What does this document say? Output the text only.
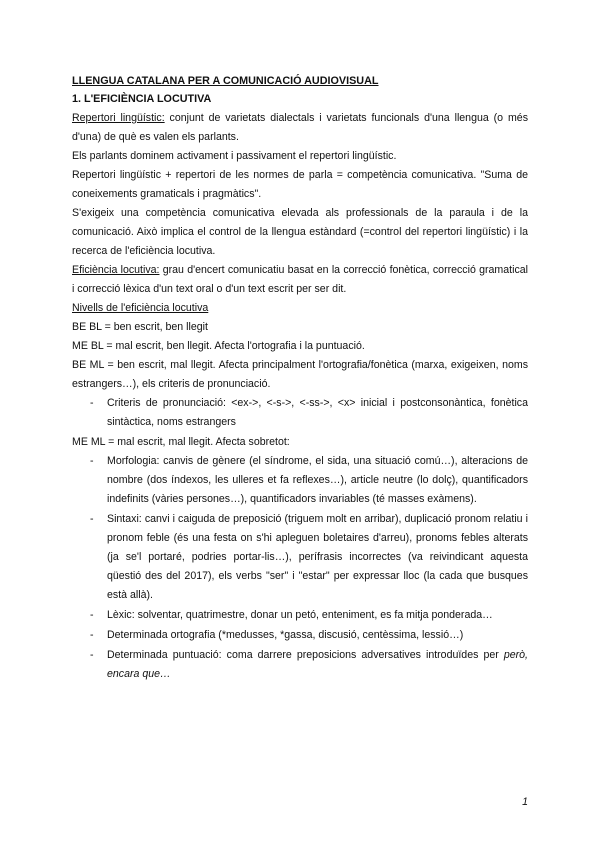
LLENGUA CATALANA PER A COMUNICACIÓ AUDIOVISUAL

1. L'EFICIÈNCIA LOCUTIVA

Repertori lingüístic: conjunt de varietats dialectals i varietats funcionals d'una llengua (o més d'una) de què es valen els parlants.

Els parlants dominem activament i passivament el repertori lingüístic.

Repertori lingüístic + repertori de les normes de parla = competència comunicativa. "Suma de coneixements gramaticals i pragmàtics".

S'exigeix una competència comunicativa elevada als professionals de la paraula i de la comunicació. Això implica el control de la llengua estàndard (=control del repertori lingüístic) i la recerca de l'eficiència locutiva.

Eficiència locutiva: grau d'encert comunicatiu basat en la correcció fonètica, correcció gramatical i correcció lèxica d'un text oral o d'un text escrit per ser dit.

Nivells de l'eficiència locutiva

BE BL = ben escrit, ben llegit

ME BL = mal escrit, ben llegit. Afecta l'ortografia i la puntuació.

BE ML = ben escrit, mal llegit. Afecta principalment l'ortografia/fonètica (marxa, exigeixen, noms estrangers…), els criteris de pronunciació.

- Criteris de pronunciació: <ex->, <-s->, <-ss->, <x> inicial i postconsonàntica, fonètica sintàctica, noms estrangers

ME ML = mal escrit, mal llegit. Afecta sobretot:

- Morfologia: canvis de gènere (el síndrome, el sida, una situació comú…), alteracions de nombre (dos índexos, les ulleres et fa reflexes…), article neutre (lo dolç), quantificadors indefinits (vàries persones…), quantificadors invariables (té masses exàmens).
- Sintaxi: canvi i caiguda de preposició (triguem molt en arribar), duplicació pronom relatiu i pronom feble (és una festa on s'hi apleguen boletaires d'arreu), pronoms febles alterats (ja se'l portaré, podries portar-lis…), perífrasis incorrectes (va reivindicant aquesta qüestió des del 2017), els verbs "ser" i "estar" per expressar lloc (la cada que busques està allà).
- Lèxic: solventar, quatrimestre, donar un petó, enteniment, es fa mitja ponderada…
- Determinada ortografia (*medusses, *gassa, discusió, centèssima, lessió…)
- Determinada puntuació: coma darrere preposicions adversatives introduïdes per però, encara que…
1
